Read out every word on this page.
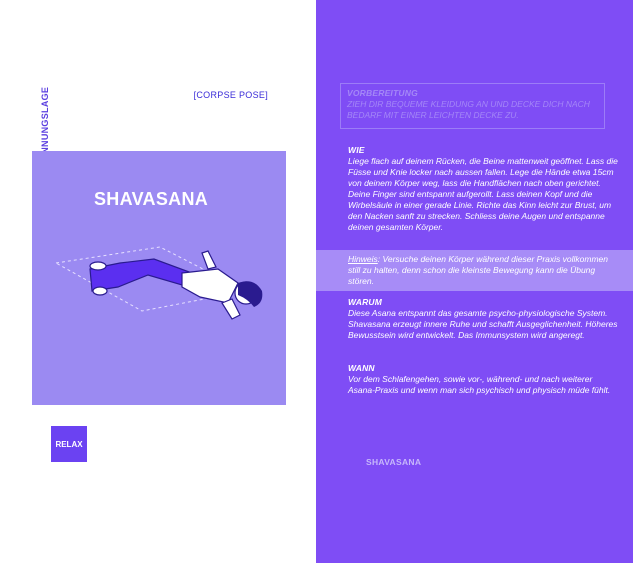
[CORPSE POSE]
SHAVASANA
RELAX
VORBEREITUNG
ZIEH DIR BEQUEME KLEIDUNG AN UND DECKE DICH NACH BEDARF MIT EINER LEICHTEN DECKE ZU.
WIE
Liege flach auf deinem Rücken, die Beine mattenweit geöffnet. Lass die Füsse und Knie locker nach aussen fallen. Lege die Hände etwa 15cm von deinem Körper weg, lass die Handflächen nach oben gerichtet. Deine Finger sind entspannt aufgerollt. Lass deinen Kopf und die Wirbelsäule in einer gerade Linie. Richte das Kinn leicht zur Brust, um den Nacken sanft zu strecken. Schliess deine Augen und entspanne deinen gesamten Körper.
Hinweis: Versuche deinen Körper während dieser Praxis vollkommen still zu halten, denn schon die kleinste Bewegung kann die Übung stören.
WARUM
Diese Asana entspannt das gesamte psycho-physiologische System. Shavasana erzeugt innere Ruhe und schafft Ausgeglichenheit. Höheres Bewusstsein wird entwickelt. Das Immunsystem wird angeregt.
WANN
Vor dem Schlafengehen, sowie vor-, während- und nach weiterer Asana-Praxis und wenn man sich psychisch und physisch müde fühlt.
SHAVASANA
